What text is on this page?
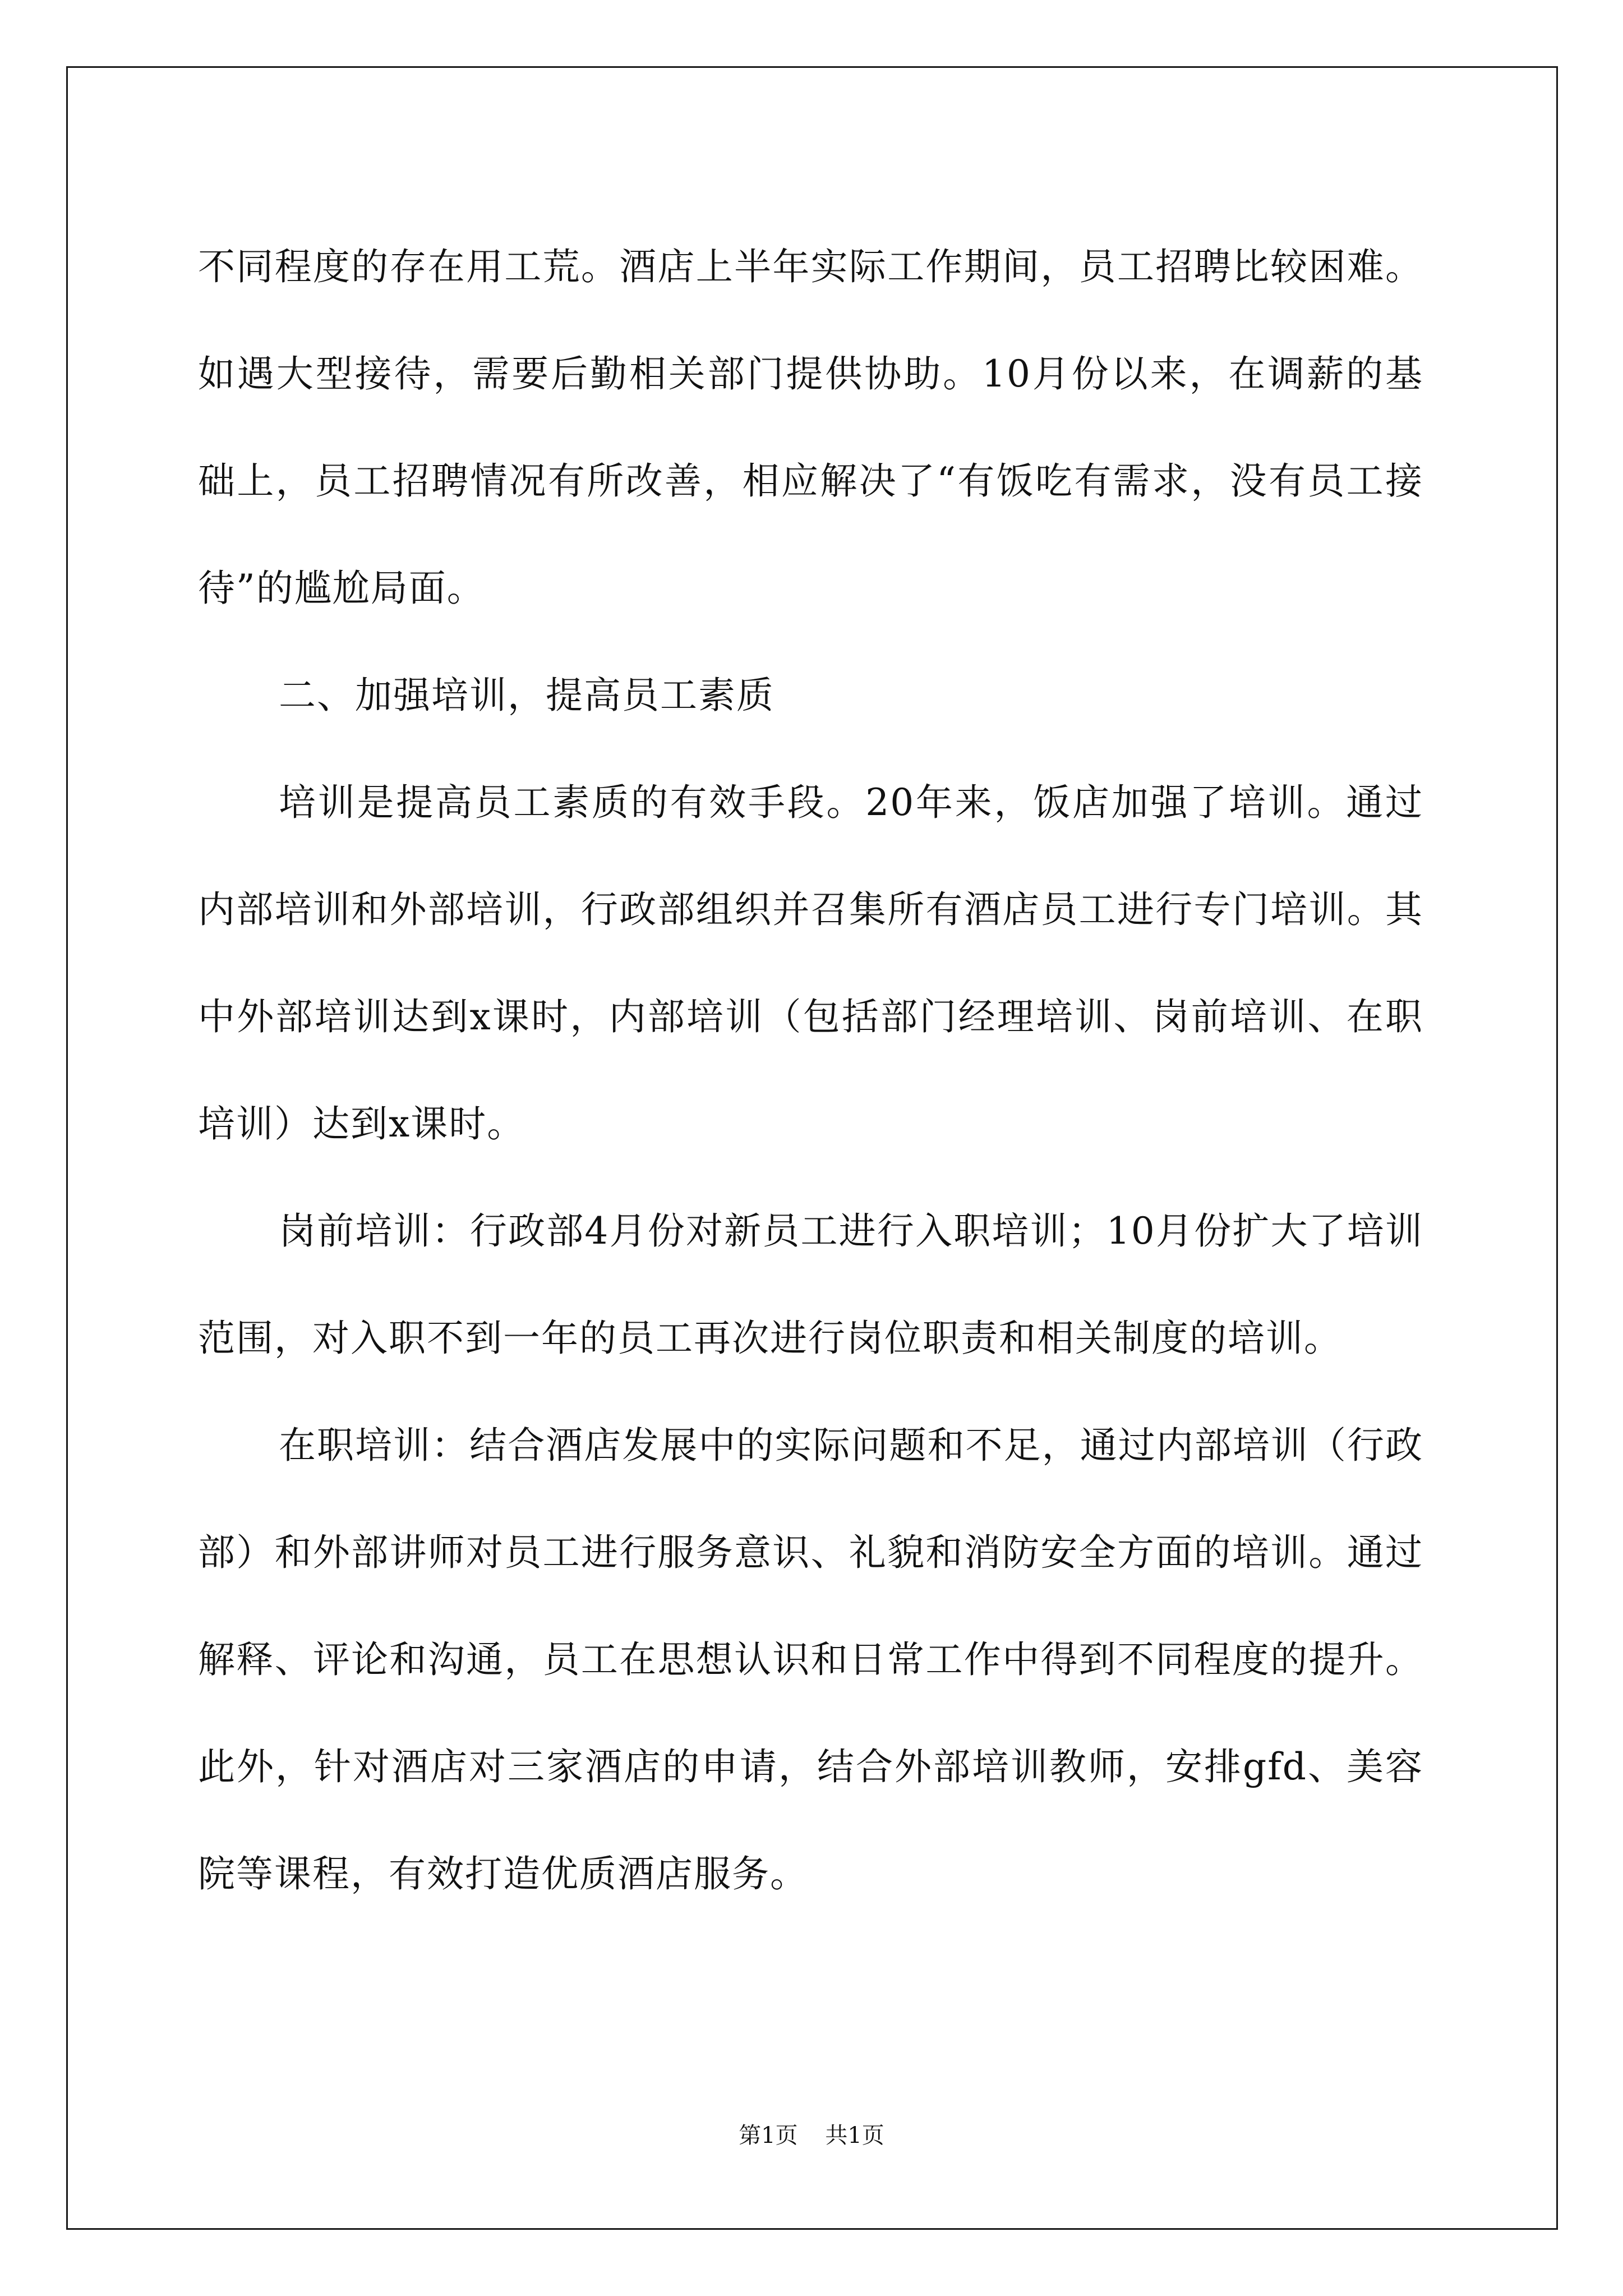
不同程度的存在用工荒。酒店上半年实际工作期间，员工招聘比较困难。如遇大型接待，需要后勤相关部门提供协助。10月份以来，在调薪的基础上，员工招聘情况有所改善，相应解决了“有饭吃有需求，没有员工接待”的尴尬局面。

二、加强培训，提高员工素质

培训是提高员工素质的有效手段。20年来，饭店加强了培训。通过内部培训和外部培训，行政部组织并召集所有酒店员工进行专门培训。其中外部培训达到x课时，内部培训（包括部门经理培训、岗前培训、在职培训）达到x课时。

岗前培训：行政部4月份对新员工进行入职培训；10月份扩大了培训范围，对入职不到一年的员工再次进行岗位职责和相关制度的培训。

在职培训：结合酒店发展中的实际问题和不足，通过内部培训（行政部）和外部讲师对员工进行服务意识、礼貌和消防安全方面的培训。通过解释、评论和沟通，员工在思想认识和日常工作中得到不同程度的提升。此外，针对酒店对三家酒店的申请，结合外部培训教师，安排gfd、美容院等课程，有效打造优质酒店服务。

第1页 共1页
